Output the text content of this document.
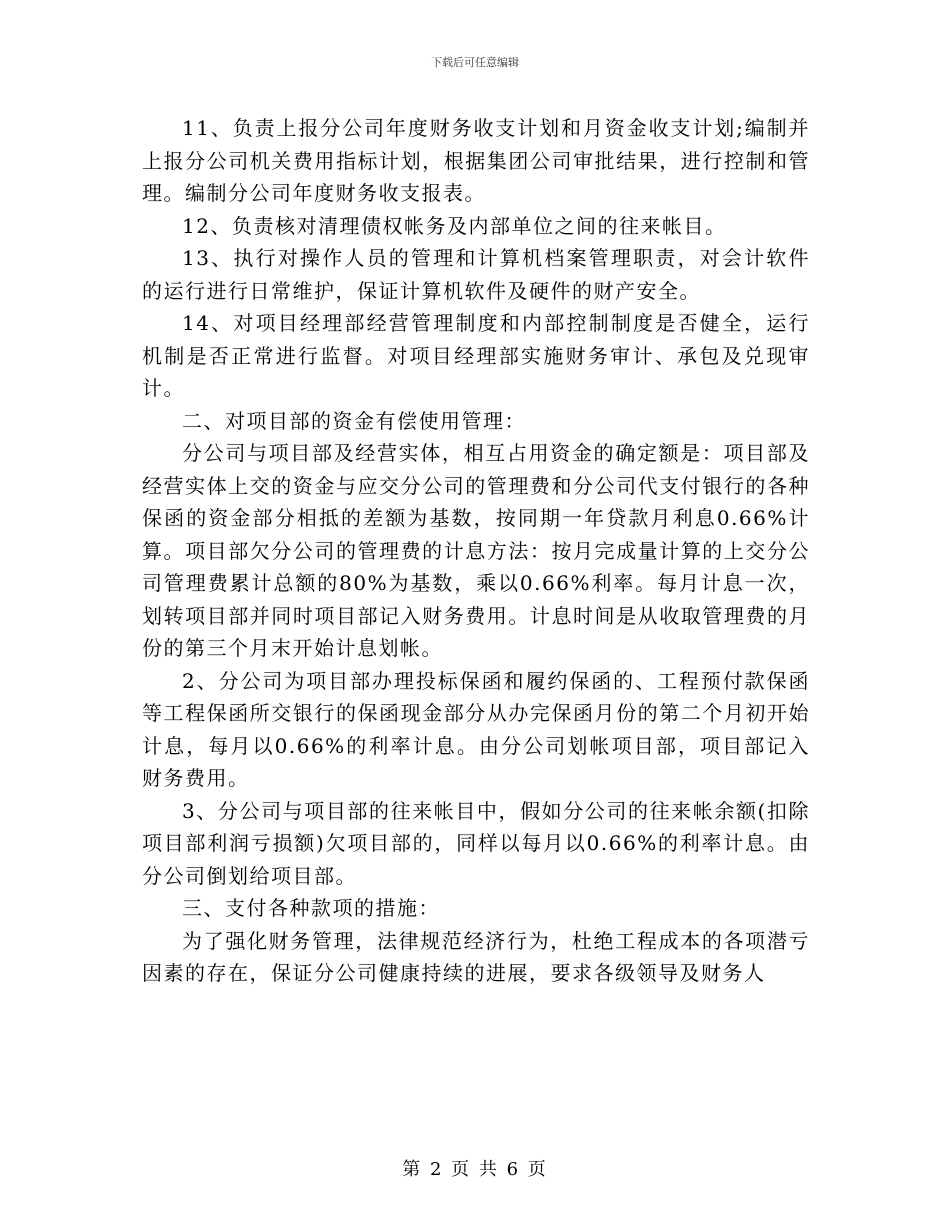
下载后可任意编辑

11、负责上报分公司年度财务收支计划和月资金收支计划;编制并上报分公司机关费用指标计划，根据集团公司审批结果，进行控制和管理。编制分公司年度财务收支报表。

12、负责核对清理债权帐务及内部单位之间的往来帐目。

13、执行对操作人员的管理和计算机档案管理职责，对会计软件的运行进行日常维护，保证计算机软件及硬件的财产安全。

14、对项目经理部经营管理制度和内部控制制度是否健全，运行机制是否正常进行监督。对项目经理部实施财务审计、承包及兑现审计。

二、对项目部的资金有偿使用管理：

分公司与项目部及经营实体，相互占用资金的确定额是：项目部及经营实体上交的资金与应交分公司的管理费和分公司代支付银行的各种保函的资金部分相抵的差额为基数，按同期一年贷款月利息0.66%计算。项目部欠分公司的管理费的计息方法：按月完成量计算的上交分公司管理费累计总额的80%为基数，乘以0.66%利率。每月计息一次，划转项目部并同时项目部记入财务费用。计息时间是从收取管理费的月份的第三个月末开始计息划帐。

2、分公司为项目部办理投标保函和履约保函的、工程预付款保函等工程保函所交银行的保函现金部分从办完保函月份的第二个月初开始计息，每月以0.66%的利率计息。由分公司划帐项目部，项目部记入财务费用。

3、分公司与项目部的往来帐目中，假如分公司的往来帐余额(扣除项目部利润亏损额)欠项目部的，同样以每月以0.66%的利率计息。由分公司倒划给项目部。

三、支付各种款项的措施：

为了强化财务管理，法律规范经济行为，杜绝工程成本的各项潜亏因素的存在，保证分公司健康持续的进展，要求各级领导及财务人

第 2 页 共 6 页
